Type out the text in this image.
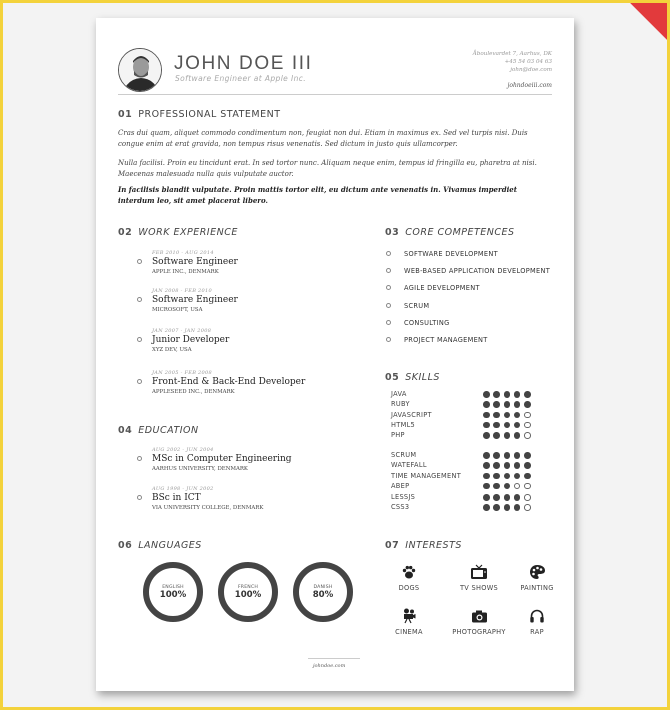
JOHN DOE III
Software Engineer at Apple Inc.
Åboulevardet 7, Aarhus, DK
+45 54 03 04 63
john@doe.com
johndoeiii.com
01 PROFESSIONAL STATEMENT
Cras dui quam, aliquet commodo condimentum non, feugiat non dui. Etiam in maximus ex. Sed vel turpis nisi. Duis congue enim at erat gravida, non tempus risus venenatis. Sed dictum in justo quis ullamcorper.
Nulla facilisi. Proin eu tincidunt erat. In sed tortor nunc. Aliquam neque enim, tempus id fringilla eu, pharetra at nisi. Maecenas malesuada nulla quis vulputate auctor.
In facilisis blandit vulputate. Proin mattis tortor elit, eu dictum ante venenatis in. Vivamus imperdiet interdum leo, sit amet placerat libero.
02 WORK EXPERIENCE
FEB 2010 - AUG 2014
Software Engineer
APPLE INC., DENMARK
JAN 2008 - FEB 2010
Software Engineer
MICROSOFT, USA
JAN 2007 - JAN 2008
Junior Developer
XYZ DEV, USA
JAN 2005 - FEB 2008
Front-End & Back-End Developer
APPLESEED INC., DENMARK
04 EDUCATION
AUG 2002 - JUN 2004
MSc in Computer Engineering
AARHUS UNIVERSITY, DENMARK
AUG 1998 - JUN 2002
BSc in ICT
VIA UNIVERSITY COLLEGE, DENMARK
03 CORE COMPETENCES
SOFTWARE DEVELOPMENT
WEB-BASED APPLICATION DEVELOPMENT
AGILE DEVELOPMENT
SCRUM
CONSULTING
PROJECT MANAGEMENT
05 SKILLS
JAVA
RUBY
JAVASCRIPT
HTML5
PHP
SCRUM
WATEFALL
TIME MANAGEMENT
ABEP
LESSJS
CSS3
06 LANGUAGES
ENGLISH
100%
FRENCH
100%
DANISH
80%
07 INTERESTS
DOGS	TV SHOWS	PAINTING
CINEMA	PHOTOGRAPHY	RAP
johndoe.com
